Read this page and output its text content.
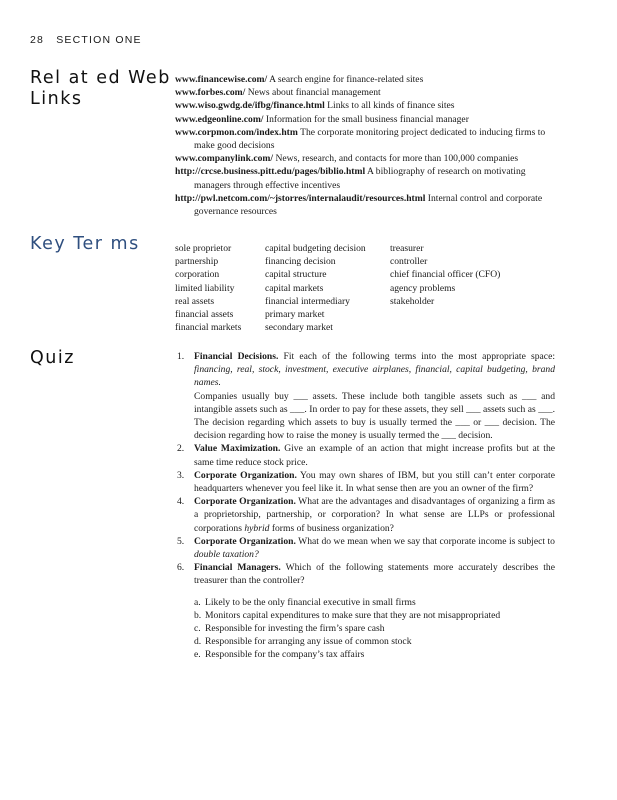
28 SECTION ONE
Rel at ed Web
Links
www.financewise.com/ A search engine for finance-related sites
www.forbes.com/ News about financial management
www.wiso.gwdg.de/ifbg/finance.html Links to all kinds of finance sites
www.edgeonline.com/ Information for the small business financial manager
www.corpmon.com/index.htm The corporate monitoring project dedicated to inducing firms to make good decisions
www.companylink.com/ News, research, and contacts for more than 100,000 companies
http://crcse.business.pitt.edu/pages/biblio.html A bibliography of research on motivating managers through effective incentives
http://pwl.netcom.com/~jstorres/internalaudit/resources.html Internal control and corporate governance resources
Key Ter ms	sole proprietor
partnership
corporation
limited liability
real assets
financial assets
financial markets
capital budgeting decision
financing decision
capital structure
capital markets
financial intermediary
primary market
secondary market
treasurer
controller
chief financial officer (CFO)
agency problems
stakeholder
Quiz	1. Financial Decisions. Fit each of the following terms into the most appropriate space: financing, real, stock, investment, executive airplanes, financial, capital budgeting, brand names.

Companies usually buy ___ assets. These include both tangible assets such as ___ and intangible assets such as ___. In order to pay for these assets, they sell ___ assets such as ___. The decision regarding which assets to buy is usually termed the ___ or ___ decision. The decision regarding how to raise the money is usually termed the ___ decision.

2. Value Maximization. Give an example of an action that might increase profits but at the same time reduce stock price.
3. Corporate Organization. You may own shares of IBM, but you still can’t enter corporate headquarters whenever you feel like it. In what sense then are you an owner of the firm?
4. Corporate Organization. What are the advantages and disadvantages of organizing a firm as a proprietorship, partnership, or corporation? In what sense are LLPs or professional corporations hybrid forms of business organization?
5. Corporate Organization. What do we mean when we say that corporate income is subject to double taxation?
6. Financial Managers. Which of the following statements more accurately describes the treasurer than the controller?
a. Likely to be the only financial executive in small firms
b. Monitors capital expenditures to make sure that they are not misappropriated
c. Responsible for investing the firm’s spare cash
d. Responsible for arranging any issue of common stock
e. Responsible for the company’s tax affairs
